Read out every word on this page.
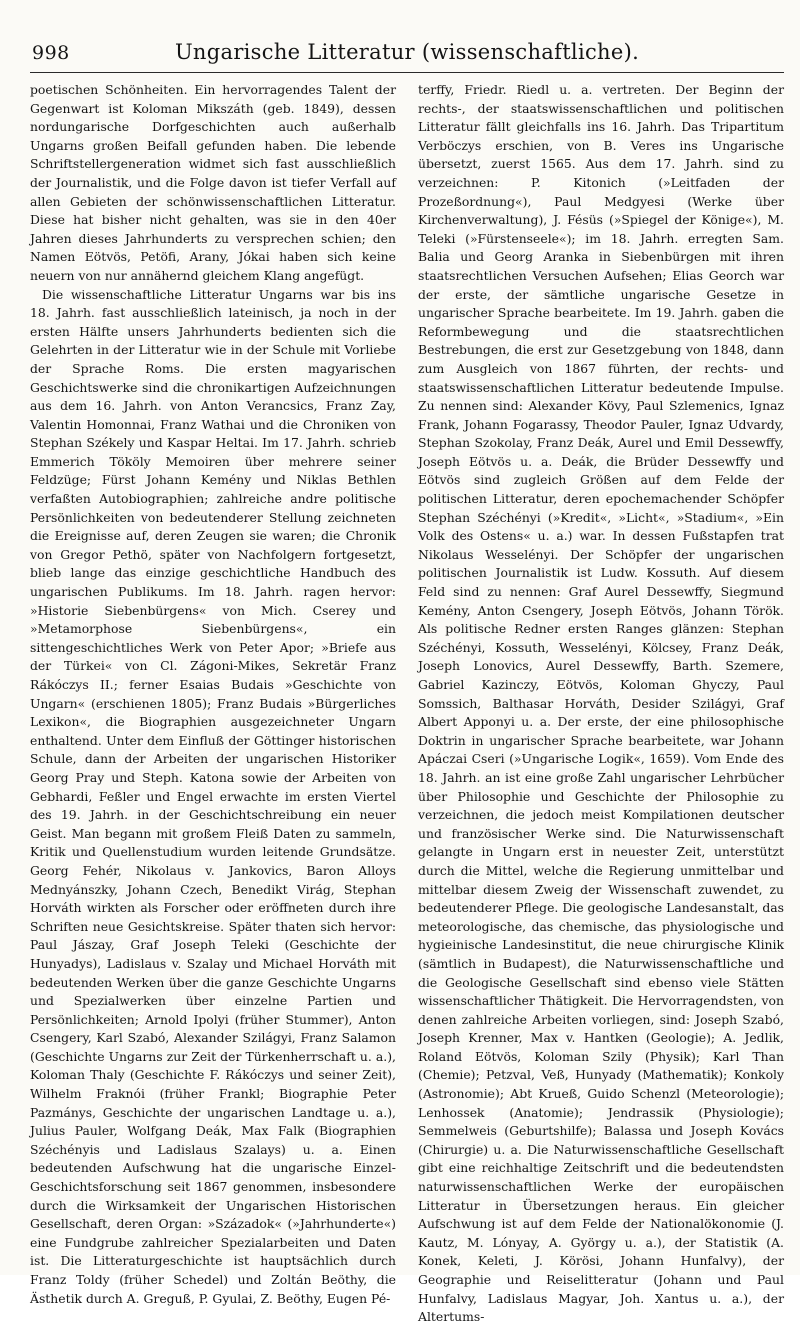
998	Ungarische Litteratur (wissenschaftliche).

poetischen Schönheiten. Ein hervorragendes Talent der Gegenwart ist Koloman Mikszáth (geb. 1849), dessen nordungarische Dorfgeschichten auch außerhalb Ungarns großen Beifall gefunden haben. Die lebende Schriftstellergeneration widmet sich fast ausschließlich der Journalistik, und die Folge davon ist tiefer Verfall auf allen Gebieten der schönwissenschaftlichen Litteratur. Diese hat bisher nicht gehalten, was sie in den 40er Jahren dieses Jahrhunderts zu versprechen schien; den Namen Eötvös, Petöfi, Arany, Jókai haben sich keine neuern von nur annähernd gleichem Klang angefügt.

Die wissenschaftliche Litteratur Ungarns war bis ins 18. Jahrh. fast ausschließlich lateinisch, ja noch in der ersten Hälfte unsers Jahrhunderts bedienten sich die Gelehrten in der Litteratur wie in der Schule mit Vorliebe der Sprache Roms. Die ersten magyarischen Geschichtswerke sind die chronikartigen Aufzeichnungen aus dem 16. Jahrh. von Anton Verancsics, Franz Zay, Valentin Homonnai, Franz Wathai und die Chroniken von Stephan Székely und Kaspar Heltai. Im 17. Jahrh. schrieb Emmerich Tököly Memoiren über mehrere seiner Feldzüge; Fürst Johann Kemény und Niklas Bethlen verfaßten Autobiographien; zahlreiche andre politische Persönlichkeiten von bedeutenderer Stellung zeichneten die Ereignisse auf, deren Zeugen sie waren; die Chronik von Gregor Pethö, später von Nachfolgern fortgesetzt, blieb lange das einzige geschichtliche Handbuch des ungarischen Publikums. Im 18. Jahrh. ragen hervor: »Historie Siebenbürgens« von Mich. Cserey und »Metamorphose Siebenbürgens«, ein sittengeschichtliches Werk von Peter Apor; »Briefe aus der Türkei« von Cl. Zágoni-Mikes, Sekretär Franz Rákóczys II.; ferner Esaias Budais »Geschichte von Ungarn« (erschienen 1805); Franz Budais »Bürgerliches Lexikon«, die Biographien ausgezeichneter Ungarn enthaltend. Unter dem Einfluß der Göttinger historischen Schule, dann der Arbeiten der ungarischen Historiker Georg Pray und Steph. Katona sowie der Arbeiten von Gebhardi, Feßler und Engel erwachte im ersten Viertel des 19. Jahrh. in der Geschichtschreibung ein neuer Geist. Man begann mit großem Fleiß Daten zu sammeln, Kritik und Quellenstudium wurden leitende Grundsätze. Georg Fehér, Nikolaus v. Jankovics, Baron Alloys Mednyánszky, Johann Czech, Benedikt Virág, Stephan Horváth wirkten als Forscher oder eröffneten durch ihre Schriften neue Gesichtskreise. Später thaten sich hervor: Paul Jászay, Graf Joseph Teleki (Geschichte der Hunyadys), Ladislaus v. Szalay und Michael Horváth mit bedeutenden Werken über die ganze Geschichte Ungarns und Spezialwerken über einzelne Partien und Persönlichkeiten; Arnold Ipolyi (früher Stummer), Anton Csengery, Karl Szabó, Alexander Szilágyi, Franz Salamon (Geschichte Ungarns zur Zeit der Türkenherrschaft u. a.), Koloman Thaly (Geschichte F. Rákóczys und seiner Zeit), Wilhelm Fraknói (früher Frankl; Biographie Peter Pazmánys, Geschichte der ungarischen Landtage u. a.), Julius Pauler, Wolfgang Deák, Max Falk (Biographien Széchényis und Ladislaus Szalays) u. a. Einen bedeutenden Aufschwung hat die ungarische Einzel-Geschichtsforschung seit 1867 genommen, insbesondere durch die Wirksamkeit der Ungarischen Historischen Gesellschaft, deren Organ: »Századok« (»Jahrhunderte«) eine Fundgrube zahlreicher Spezialarbeiten und Daten ist. Die Litteraturgeschichte ist hauptsächlich durch Franz Toldy (früher Schedel) und Zoltán Beöthy, die Ästhetik durch A. Greguß, P. Gyulai, Z. Beöthy, Eugen Pé-

terffy, Friedr. Riedl u. a. vertreten. Der Beginn der rechts-, der staatswissenschaftlichen und politischen Litteratur fällt gleichfalls ins 16. Jahrh. Das Tripartitum Verböczys erschien, von B. Veres ins Ungarische übersetzt, zuerst 1565. Aus dem 17. Jahrh. sind zu verzeichnen: P. Kitonich (»Leitfaden der Prozeßordnung«), Paul Medgyesi (Werke über Kirchenverwaltung), J. Fésüs (»Spiegel der Könige«), M. Teleki (»Fürstenseele«); im 18. Jahrh. erregten Sam. Balia und Georg Aranka in Siebenbürgen mit ihren staatsrechtlichen Versuchen Aufsehen; Elias Georch war der erste, der sämtliche ungarische Gesetze in ungarischer Sprache bearbeitete. Im 19. Jahrh. gaben die Reformbewegung und die staatsrechtlichen Bestrebungen, die erst zur Gesetzgebung von 1848, dann zum Ausgleich von 1867 führten, der rechts- und staatswissenschaftlichen Litteratur bedeutende Impulse. Zu nennen sind: Alexander Kövy, Paul Szlemenics, Ignaz Frank, Johann Fogarassy, Theodor Pauler, Ignaz Udvardy, Stephan Szokolay, Franz Deák, Aurel und Emil Dessewffy, Joseph Eötvös u. a. Deák, die Brüder Dessewffy und Eötvös sind zugleich Größen auf dem Felde der politischen Litteratur, deren epochemachender Schöpfer Stephan Széchényi (»Kredit«, »Licht«, »Stadium«, »Ein Volk des Ostens« u. a.) war. In dessen Fußstapfen trat Nikolaus Wesselényi. Der Schöpfer der ungarischen politischen Journalistik ist Ludw. Kossuth. Auf diesem Feld sind zu nennen: Graf Aurel Dessewffy, Siegmund Kemény, Anton Csengery, Joseph Eötvös, Johann Török. Als politische Redner ersten Ranges glänzen: Stephan Széchényi, Kossuth, Wesselényi, Kölcsey, Franz Deák, Joseph Lonovics, Aurel Dessewffy, Barth. Szemere, Gabriel Kazinczy, Eötvös, Koloman Ghyczy, Paul Somssich, Balthasar Horváth, Desider Szilágyi, Graf Albert Apponyi u. a. Der erste, der eine philosophische Doktrin in ungarischer Sprache bearbeitete, war Johann Apáczai Cseri (»Ungarische Logik«, 1659). Vom Ende des 18. Jahrh. an ist eine große Zahl ungarischer Lehrbücher über Philosophie und Geschichte der Philosophie zu verzeichnen, die jedoch meist Kompilationen deutscher und französischer Werke sind. Die Naturwissenschaft gelangte in Ungarn erst in neuester Zeit, unterstützt durch die Mittel, welche die Regierung unmittelbar und mittelbar diesem Zweig der Wissenschaft zuwendet, zu bedeutenderer Pflege. Die geologische Landesanstalt, das meteorologische, das chemische, das physiologische und hygieinische Landesinstitut, die neue chirurgische Klinik (sämtlich in Budapest), die Naturwissenschaftliche und die Geologische Gesellschaft sind ebenso viele Stätten wissenschaftlicher Thätigkeit. Die Hervorragendsten, von denen zahlreiche Arbeiten vorliegen, sind: Joseph Szabó, Joseph Krenner, Max v. Hantken (Geologie); A. Jedlik, Roland Eötvös, Koloman Szily (Physik); Karl Than (Chemie); Petzval, Veß, Hunyady (Mathematik); Konkoly (Astronomie); Abt Krueß, Guido Schenzl (Meteorologie); Lenhossek (Anatomie); Jendrassik (Physiologie); Semmelweis (Geburtshilfe); Balassa und Joseph Kovács (Chirurgie) u. a. Die Naturwissenschaftliche Gesellschaft gibt eine reichhaltige Zeitschrift und die bedeutendsten naturwissenschaftlichen Werke der europäischen Litteratur in Übersetzungen heraus. Ein gleicher Aufschwung ist auf dem Felde der Nationalökonomie (J. Kautz, M. Lónyay, A. György u. a.), der Statistik (A. Konek, Keleti, J. Körösi, Johann Hunfalvy), der Geographie und Reiselitteratur (Johann und Paul Hunfalvy, Ladislaus Magyar, Joh. Xantus u. a.), der Altertums-
